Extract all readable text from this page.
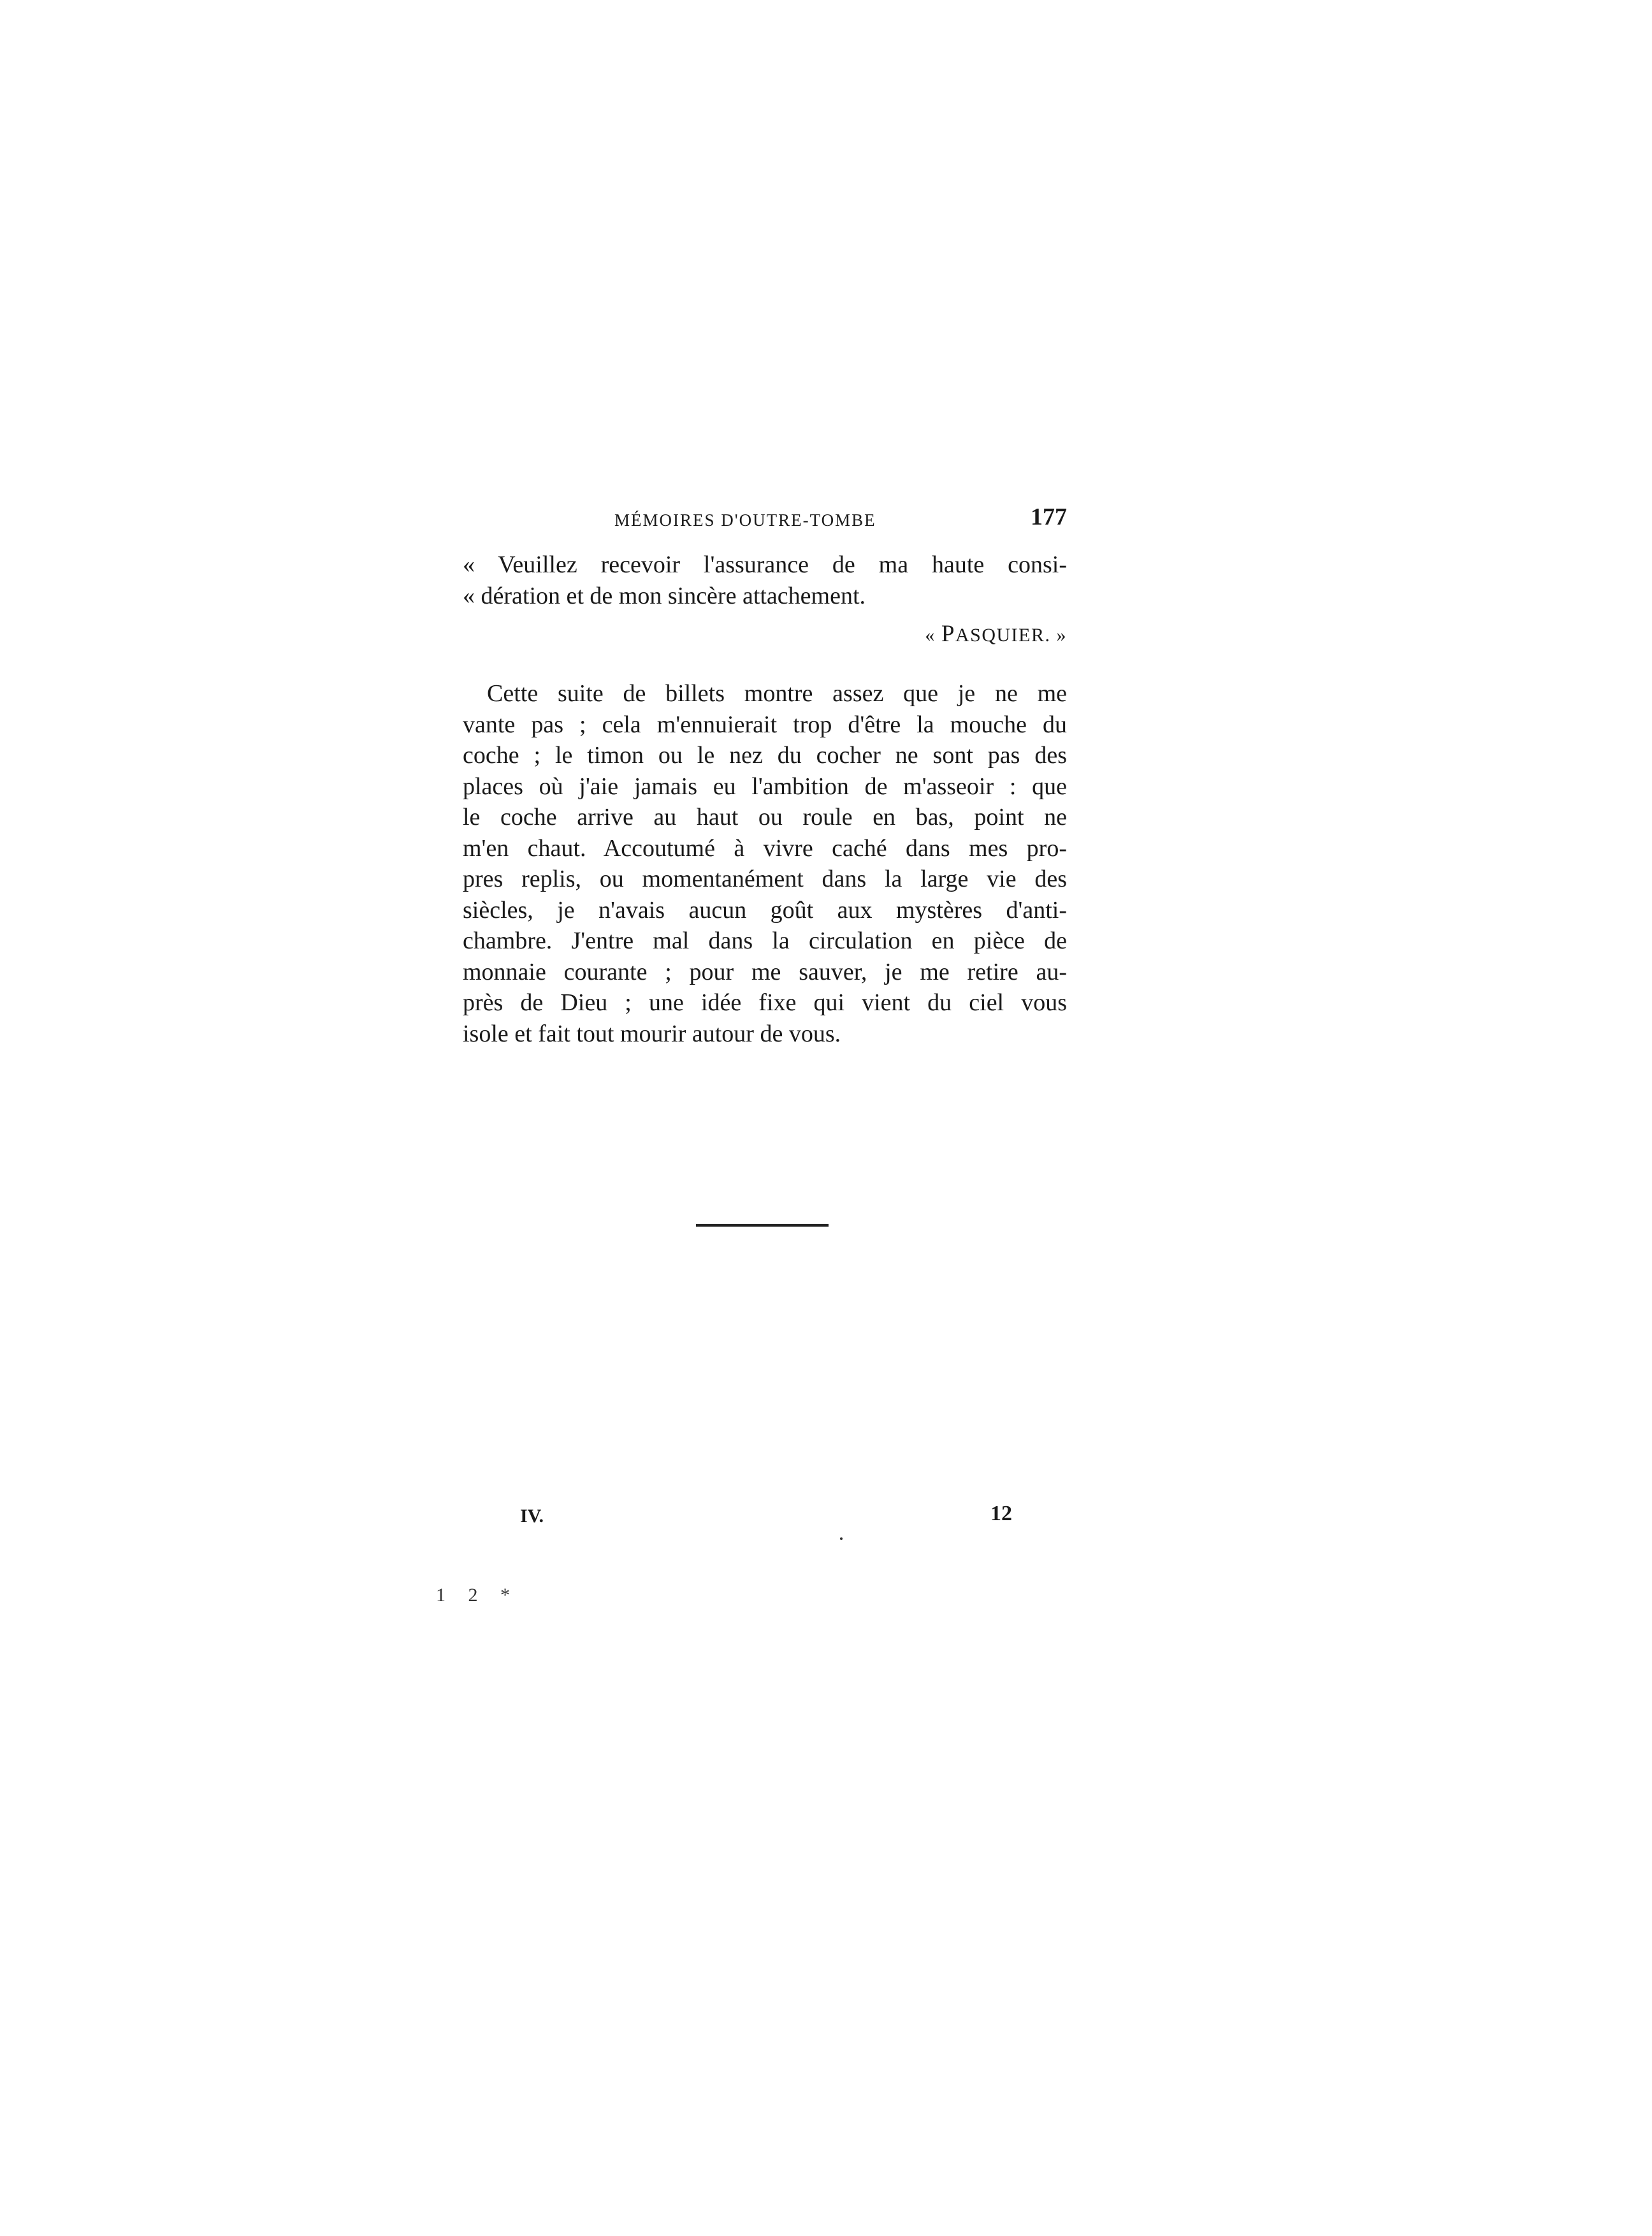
MÉMOIRES D'OUTRE-TOMBE	177
« Veuillez recevoir l'assurance de ma haute consi-
« dération et de mon sincère attachement.
« PASQUIER. »
Cette suite de billets montre assez que je ne me
vante pas ; cela m'ennuierait trop d'être la mouche du
coche ; le timon ou le nez du cocher ne sont pas des
places où j'aie jamais eu l'ambition de m'asseoir : que
le coche arrive au haut ou roule en bas, point ne
m'en chaut. Accoutumé à vivre caché dans mes pro-
pres replis, ou momentanément dans la large vie des
siècles, je n'avais aucun goût aux mystères d'anti-
chambre. J'entre mal dans la circulation en pièce de
monnaie courante ; pour me sauver, je me retire au-
près de Dieu ; une idée fixe qui vient du ciel vous
isole et fait tout mourir autour de vous.
IV.	12
1 2 *
